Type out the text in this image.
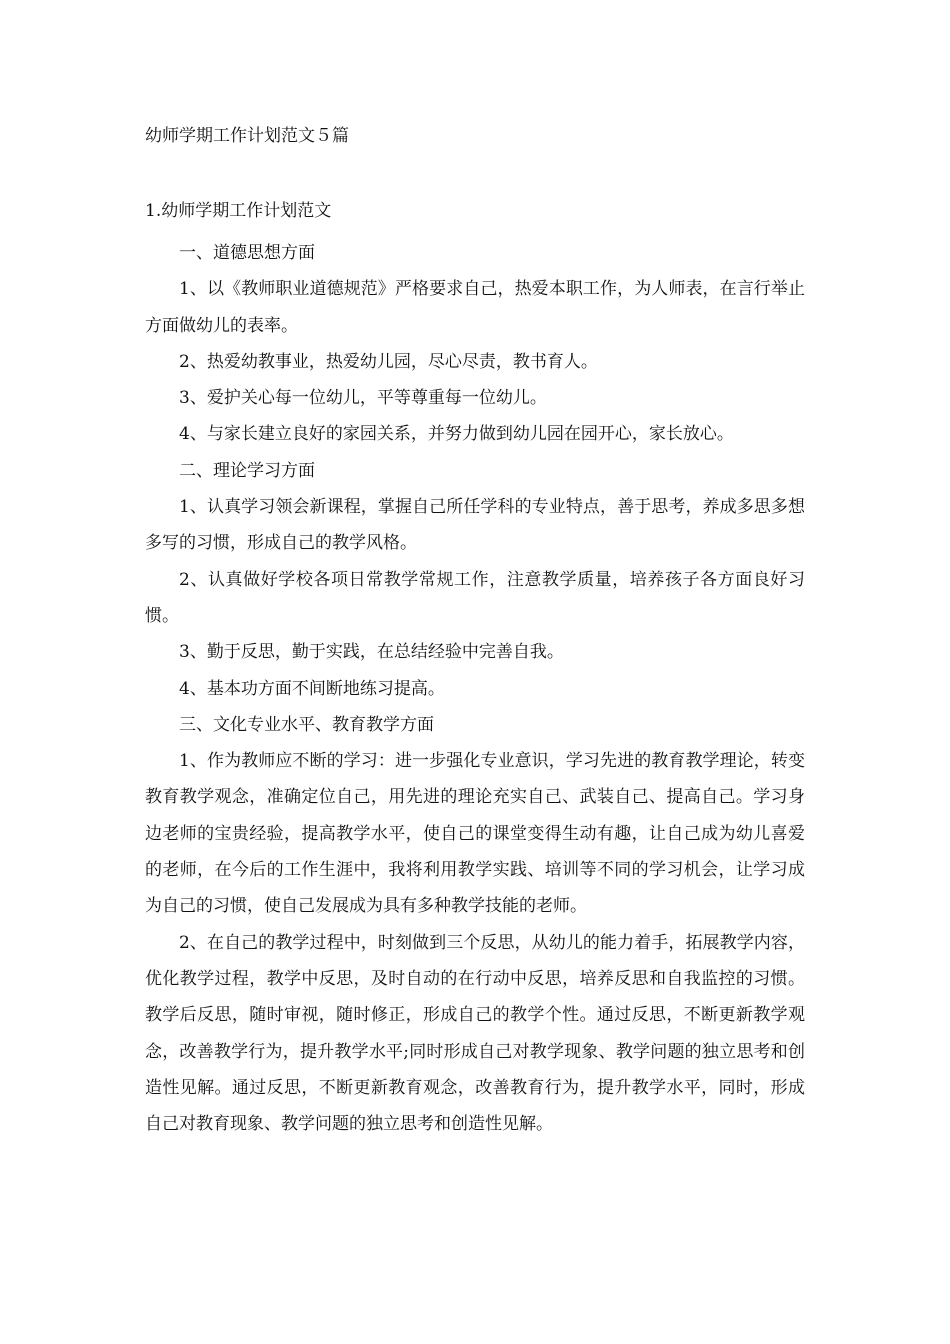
幼师学期工作计划范文５篇
1.幼师学期工作计划范文

一、道德思想方面

1、以《教师职业道德规范》严格要求自己，热爱本职工作，为人师表，在言行举止方面做幼儿的表率。

2、热爱幼教事业，热爱幼儿园，尽心尽责，教书育人。

3、爱护关心每一位幼儿，平等尊重每一位幼儿。

4、与家长建立良好的家园关系，并努力做到幼儿园在园开心，家长放心。

二、理论学习方面

1、认真学习领会新课程，掌握自己所任学科的专业特点，善于思考，养成多思多想多写的习惯，形成自己的教学风格。

2、认真做好学校各项日常教学常规工作，注意教学质量，培养孩子各方面良好习惯。

3、勤于反思，勤于实践，在总结经验中完善自我。

4、基本功方面不间断地练习提高。

三、文化专业水平、教育教学方面

1、作为教师应不断的学习：进一步强化专业意识，学习先进的教育教学理论，转变教育教学观念，准确定位自己，用先进的理论充实自己、武装自己、提高自己。学习身边老师的宝贵经验，提高教学水平，使自己的课堂变得生动有趣，让自己成为幼儿喜爱的老师，在今后的工作生涯中，我将利用教学实践、培训等不同的学习机会，让学习成为自己的习惯，使自己发展成为具有多种教学技能的老师。

2、在自己的教学过程中，时刻做到三个反思，从幼儿的能力着手，拓展教学内容，优化教学过程，教学中反思，及时自动的在行动中反思，培养反思和自我监控的习惯。教学后反思，随时审视，随时修正，形成自己的教学个性。通过反思，不断更新教学观念，改善教学行为，提升教学水平;同时形成自己对教学现象、教学问题的独立思考和创造性见解。通过反思，不断更新教育观念，改善教育行为，提升教学水平，同时，形成自己对教育现象、教学问题的独立思考和创造性见解。
